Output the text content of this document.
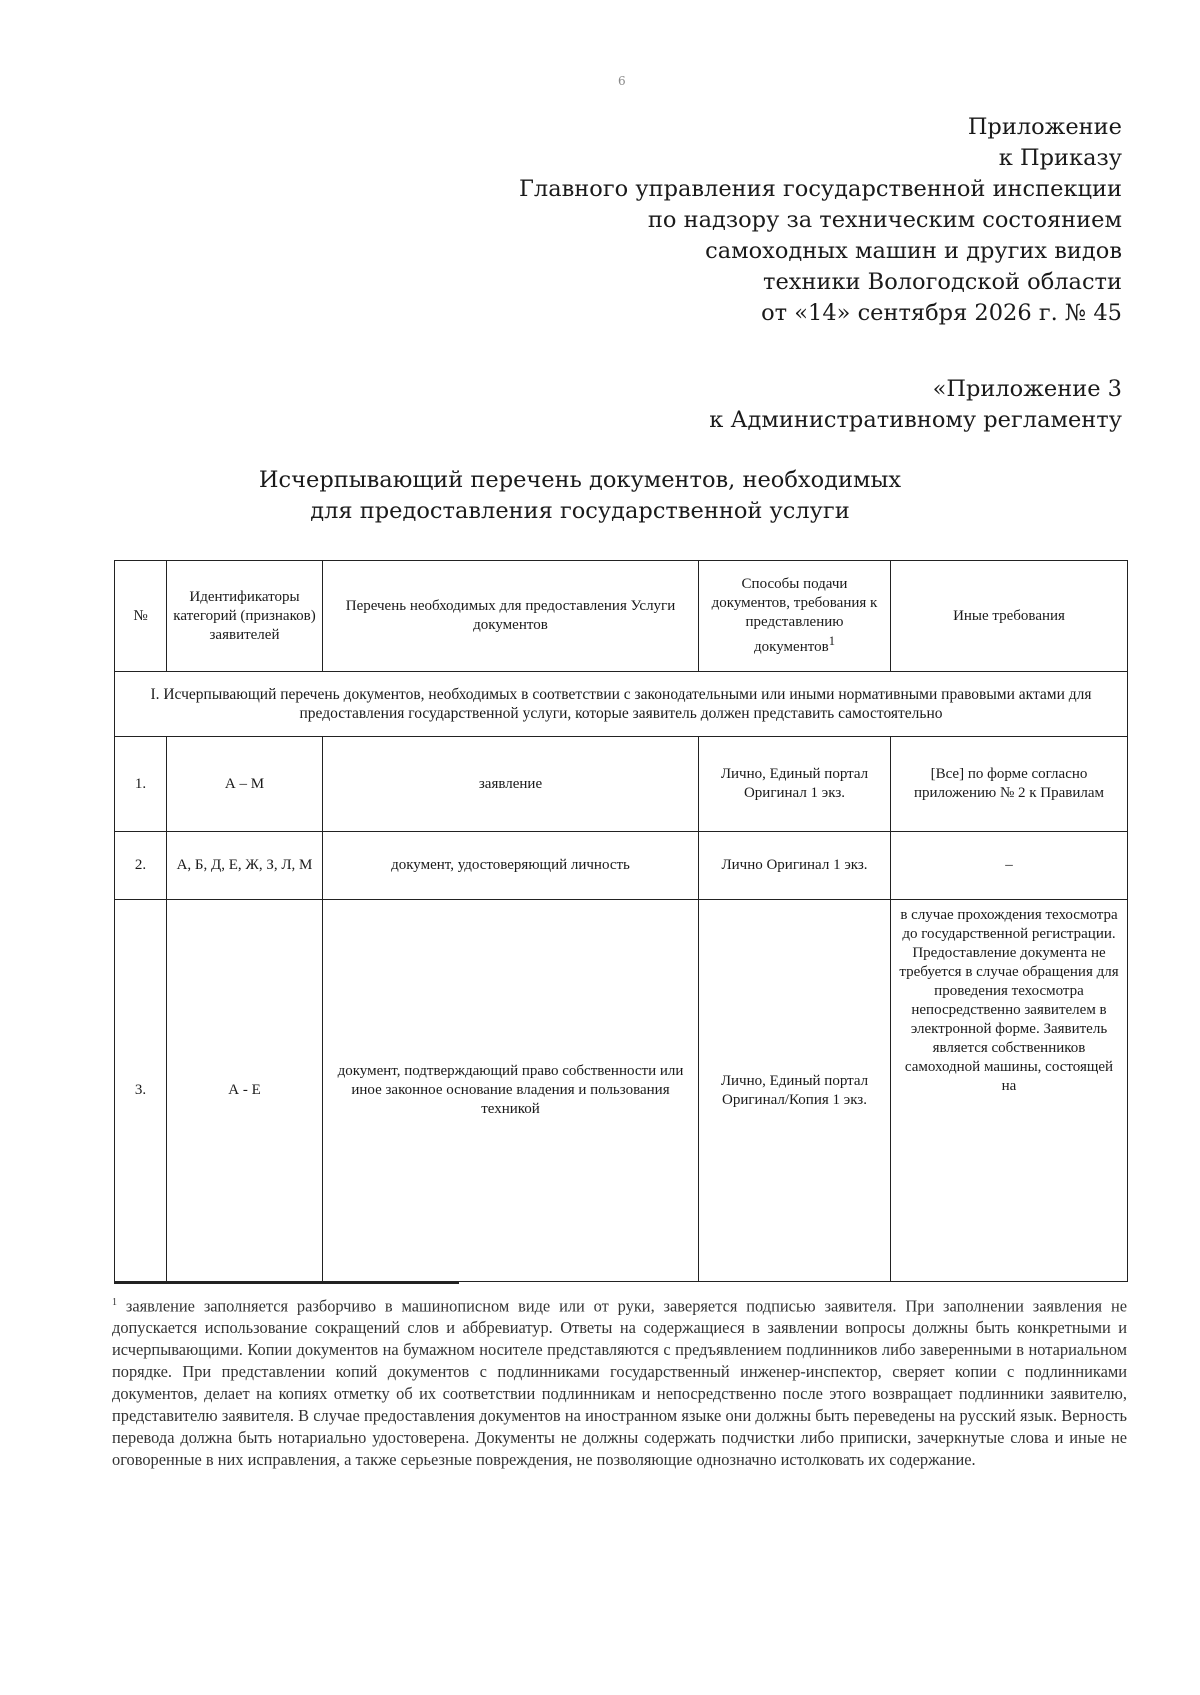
6
Приложение
к Приказу
Главного управления государственной инспекции
по надзору за техническим состоянием
самоходных машин и других видов
техники Вологодской области
от «14» сентября 2026 г. № 45
«Приложение 3
к Административному регламенту
Исчерпывающий перечень документов, необходимых
для предоставления государственной услуги
№	Идентификаторы категорий (признаков) заявителей	Перечень необходимых для предоставления Услуги документов	Способы подачи документов, требования к представлению документов$^1$	Иные требования
I. Исчерпывающий перечень документов, необходимых в соответствии с законодательными или иными нормативными правовыми актами для предоставления государственной услуги, которые заявитель должен представить самостоятельно				
1.	А – М	заявление	Лично, Единый портал Оригинал 1 экз.	[Все] по форме согласно приложению № 2 к Правилам
2.	А, Б, Д, Е, Ж, З, Л, М	документ, удостоверяющий личность	Лично Оригинал 1 экз.	–
3.	А - Е	документ, подтверждающий право собственности или иное законное основание владения и пользования техникой	Лично, Единый портал Оригинал/Копия 1 экз.	в случае прохождения техосмотра до государственной регистрации. Предоставление документа не требуется в случае обращения для проведения техосмотра непосредственно заявителем в электронной форме. Заявитель является собственников самоходной машины, состоящей на
$^1$ заявление заполняется разборчиво в машинописном виде или от руки, заверяется подписью заявителя. При заполнении заявления не допускается использование сокращений слов и аббревиатур. Ответы на содержащиеся в заявлении вопросы должны быть конкретными и исчерпывающими. Копии документов на бумажном носителе представляются с предъявлением подлинников либо заверенными в нотариальном порядке. При представлении копий документов с подлинниками государственный инженер-инспектор, сверяет копии с подлинниками документов, делает на копиях отметку об их соответствии подлинникам и непосредственно после этого возвращает подлинники заявителю, представителю заявителя. В случае предоставления документов на иностранном языке они должны быть переведены на русский язык. Верность перевода должна быть нотариально удостоверена. Документы не должны содержать подчистки либо приписки, зачеркнутые слова и иные не оговоренные в них исправления, а также серьезные повреждения, не позволяющие однозначно истолковать их содержание.
